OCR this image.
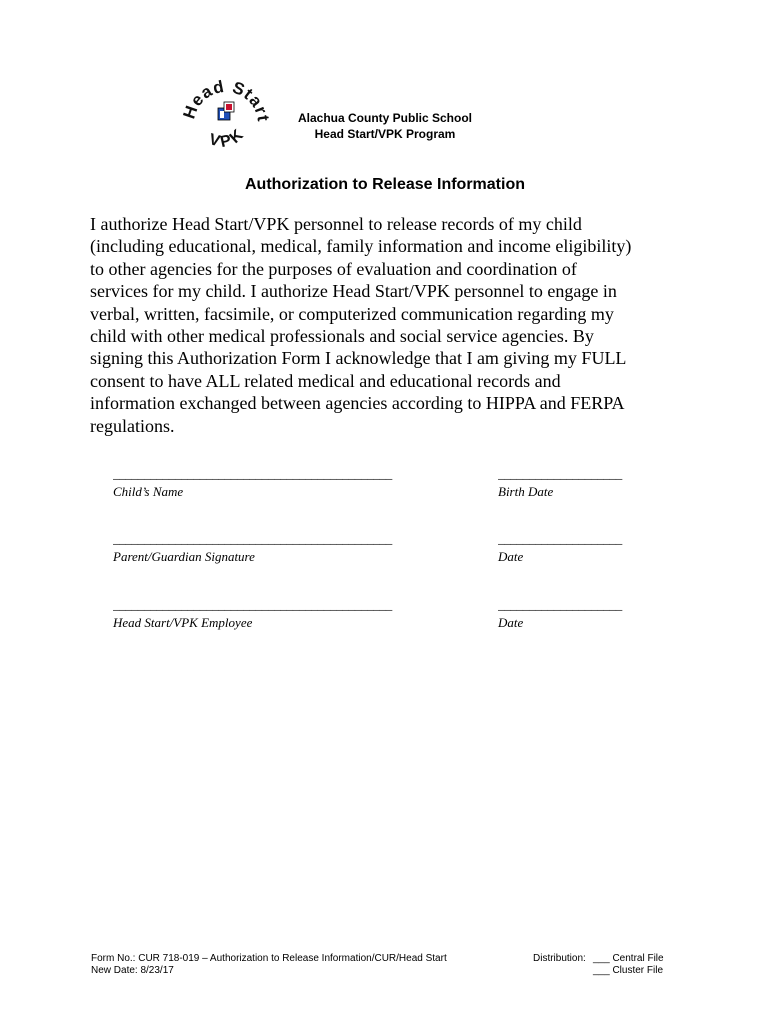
Head Start
VPK
Alachua County Public School
Head Start/VPK Program
Authorization to Release Information
I authorize Head Start/VPK personnel to release records of my child
(including educational, medical, family information and income eligibility)
to other agencies for the purposes of evaluation and coordination of
services for my child. I authorize Head Start/VPK personnel to engage in
verbal, written, facsimile, or computerized communication regarding my
child with other medical professionals and social service agencies. By
signing this Authorization Form I acknowledge that I am giving my FULL
consent to have ALL related medical and educational records and
information exchanged between agencies according to HIPPA and FERPA
regulations.
_____________________________________________
Child’s Name
____________________
Birth Date
_____________________________________________
Parent/Guardian Signature
____________________
Date
_____________________________________________
Head Start/VPK Employee
____________________
Date
Form No.: CUR 718-019 – Authorization to Release Information/CUR/Head Start
New Date: 8/23/17
Distribution: ___ Central File
___ Cluster File
